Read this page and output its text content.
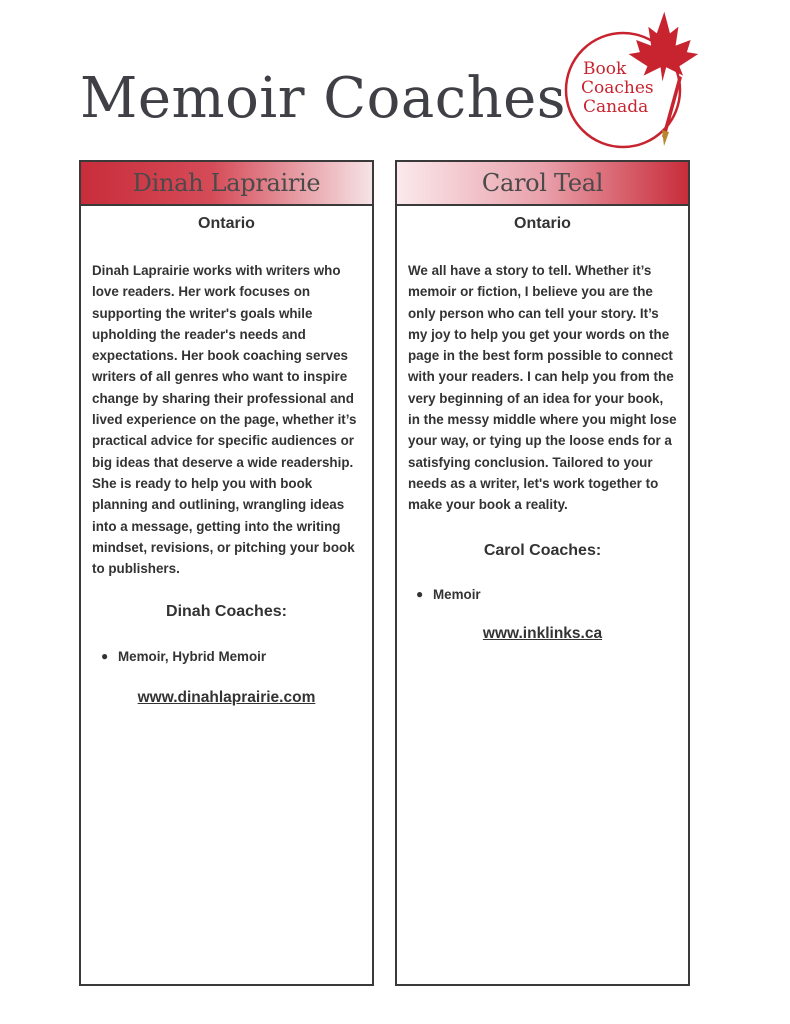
Memoir Coaches Book
Coaches
Canada
Dinah Laprairie
Ontario
Dinah Laprairie works with writers who love readers. Her work focuses on supporting the writer's goals while upholding the reader's needs and expectations. Her book coaching serves writers of all genres who want to inspire change by sharing their professional and lived experience on the page, whether it’s practical advice for specific audiences or big ideas that deserve a wide readership. She is ready to help you with book planning and outlining, wrangling ideas into a message, getting into the writing mindset, revisions, or pitching your book to publishers.
Dinah Coaches:
● Memoir, Hybrid Memoir
www.dinahlaprairie.com
Carol Teal
Ontario
We all have a story to tell. Whether it’s memoir or fiction, I believe you are the only person who can tell your story. It’s my joy to help you get your words on the page in the best form possible to connect with your readers. I can help you from the very beginning of an idea for your book, in the messy middle where you might lose your way, or tying up the loose ends for a satisfying conclusion. Tailored to your needs as a writer, let's work together to make your book a reality.
Carol Coaches:
● Memoir
www.inklinks.ca
